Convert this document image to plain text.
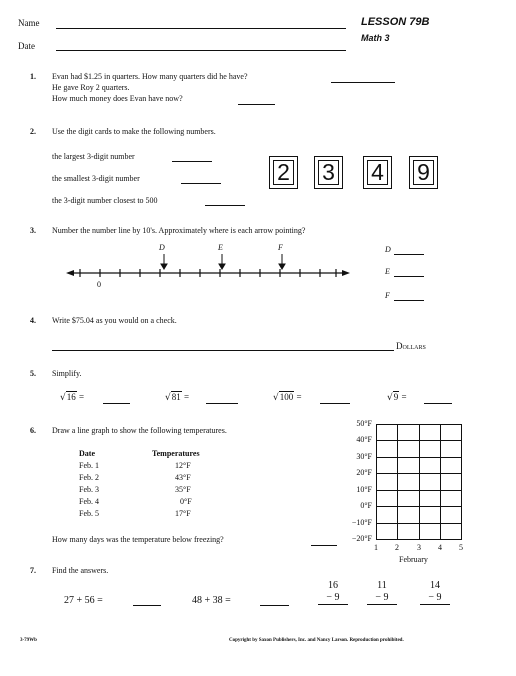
Name
Date
LESSON 79B
Math 3
1. Evan had $1.25 in quarters. How many quarters did he have?
He gave Roy 2 quarters.
How much money does Evan have now?
2. Use the digit cards to make the following numbers.
the largest 3-digit number
the smallest 3-digit number
the 3-digit number closest to 500
2	3	4	9
3. Number the number line by 10's. Approximately where is each arrow pointing?
D	E	F
0
D
E
F
4. Write $75.04 as you would on a check.
Dollars
5. Simplify.
√16 =	√81 =	√100 =	√9 =
6. Draw a line graph to show the following temperatures.
Date	Temperatures
Feb. 1	12°F
Feb. 2	43°F
Feb. 3	35°F
Feb. 4	0°F
Feb. 5	17°F
How many days was the temperature below freezing?
50°F
40°F
30°F
20°F
10°F
0°F
−10°F
−20°F
1 2 3 4 5
February
7. Find the answers.
27 + 56 =	48 + 38 =
16
− 9
11
− 9
14
− 9
3-79Wb	Copyright by Saxon Publishers, Inc. and Nancy Larson. Reproduction prohibited.
